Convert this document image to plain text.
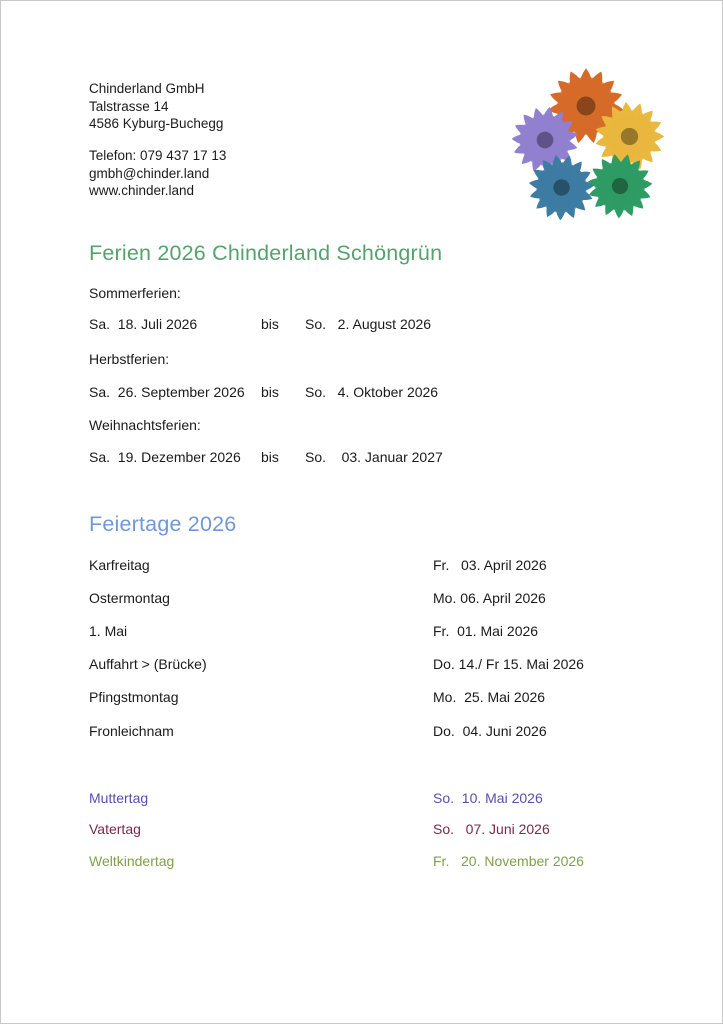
Chinderland GmbH
Talstrasse 14
4586 Kyburg-Buchegg
Telefon: 079 437 17 13
gmbh@chinder.land
www.chinder.land
Ferien 2026 Chinderland Schöngrün
Sommerferien:
Sa.  18. Juli 2026	bis	So.   2. August 2026
Herbstferien:
Sa.  26. September 2026	bis	So.   4. Oktober 2026
Weihnachtsferien:
Sa.  19. Dezember 2026	bis	So.    03. Januar 2027
Feiertage 2026
Karfreitag	Fr.   03. April 2026
Ostermontag	Mo. 06. April 2026
1. Mai	Fr.  01. Mai 2026
Auffahrt > (Brücke)	Do. 14./ Fr 15. Mai 2026
Pfingstmontag	Mo.  25. Mai 2026
Fronleichnam	Do.  04. Juni 2026
Muttertag	So.  10. Mai 2026
Vatertag	So.   07. Juni 2026
Weltkindertag	Fr.   20. November 2026
